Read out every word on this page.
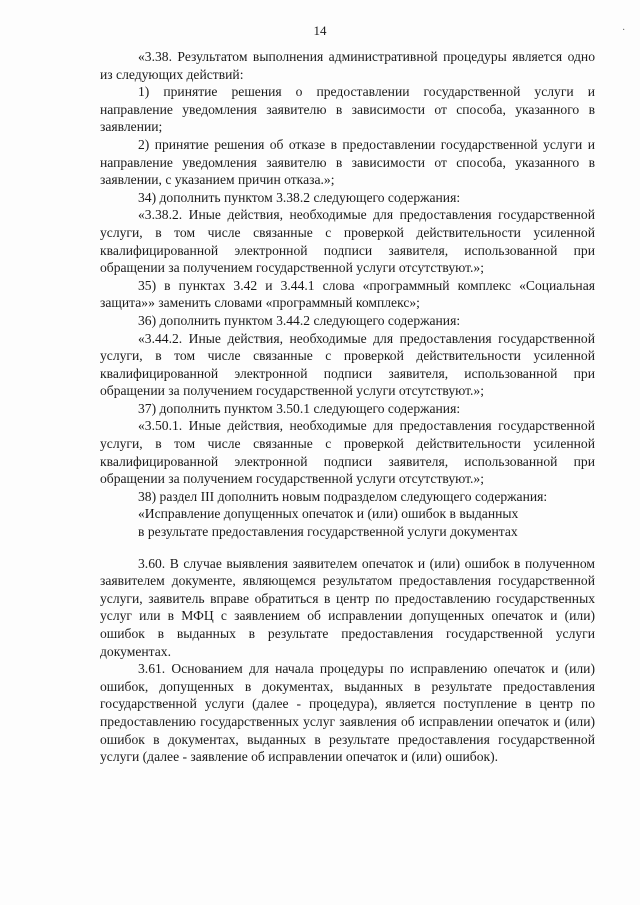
14	·

«3.38. Результатом выполнения административной процедуры является одно из следующих действий:

1) принятие решения о предоставлении государственной услуги и направление уведомления заявителю в зависимости от способа, указанного в заявлении;

2) принятие решения об отказе в предоставлении государственной услуги и направление уведомления заявителю в зависимости от способа, указанного в заявлении, с указанием причин отказа.»;

34) дополнить пунктом 3.38.2 следующего содержания:

«3.38.2. Иные действия, необходимые для предоставления государственной услуги, в том числе связанные с проверкой действительности усиленной квалифицированной электронной подписи заявителя, использованной при обращении за получением государственной услуги отсутствуют.»;

35) в пунктах 3.42 и 3.44.1 слова «программный комплекс «Социальная защита»» заменить словами «программный комплекс»;

36) дополнить пунктом 3.44.2 следующего содержания:

«3.44.2. Иные действия, необходимые для предоставления государственной услуги, в том числе связанные с проверкой действительности усиленной квалифицированной электронной подписи заявителя, использованной при обращении за получением государственной услуги отсутствуют.»;

37) дополнить пунктом 3.50.1 следующего содержания:

«3.50.1. Иные действия, необходимые для предоставления государственной услуги, в том числе связанные с проверкой действительности усиленной квалифицированной электронной подписи заявителя, использованной при обращении за получением государственной услуги отсутствуют.»;

38) раздел III дополнить новым подразделом следующего содержания:

«Исправление допущенных опечаток и (или) ошибок в выданных

в результате предоставления государственной услуги документах

3.60. В случае выявления заявителем опечаток и (или) ошибок в полученном заявителем документе, являющемся результатом предоставления государственной услуги, заявитель вправе обратиться в центр по предоставлению государственных услуг или в МФЦ с заявлением об исправлении допущенных опечаток и (или) ошибок в выданных в результате предоставления государственной услуги документах.

3.61. Основанием для начала процедуры по исправлению опечаток и (или) ошибок, допущенных в документах, выданных в результате предоставления государственной услуги (далее - процедура), является поступление в центр по предоставлению государственных услуг заявления об исправлении опечаток и (или) ошибок в документах, выданных в результате предоставления государственной услуги (далее - заявление об исправлении опечаток и (или) ошибок).
